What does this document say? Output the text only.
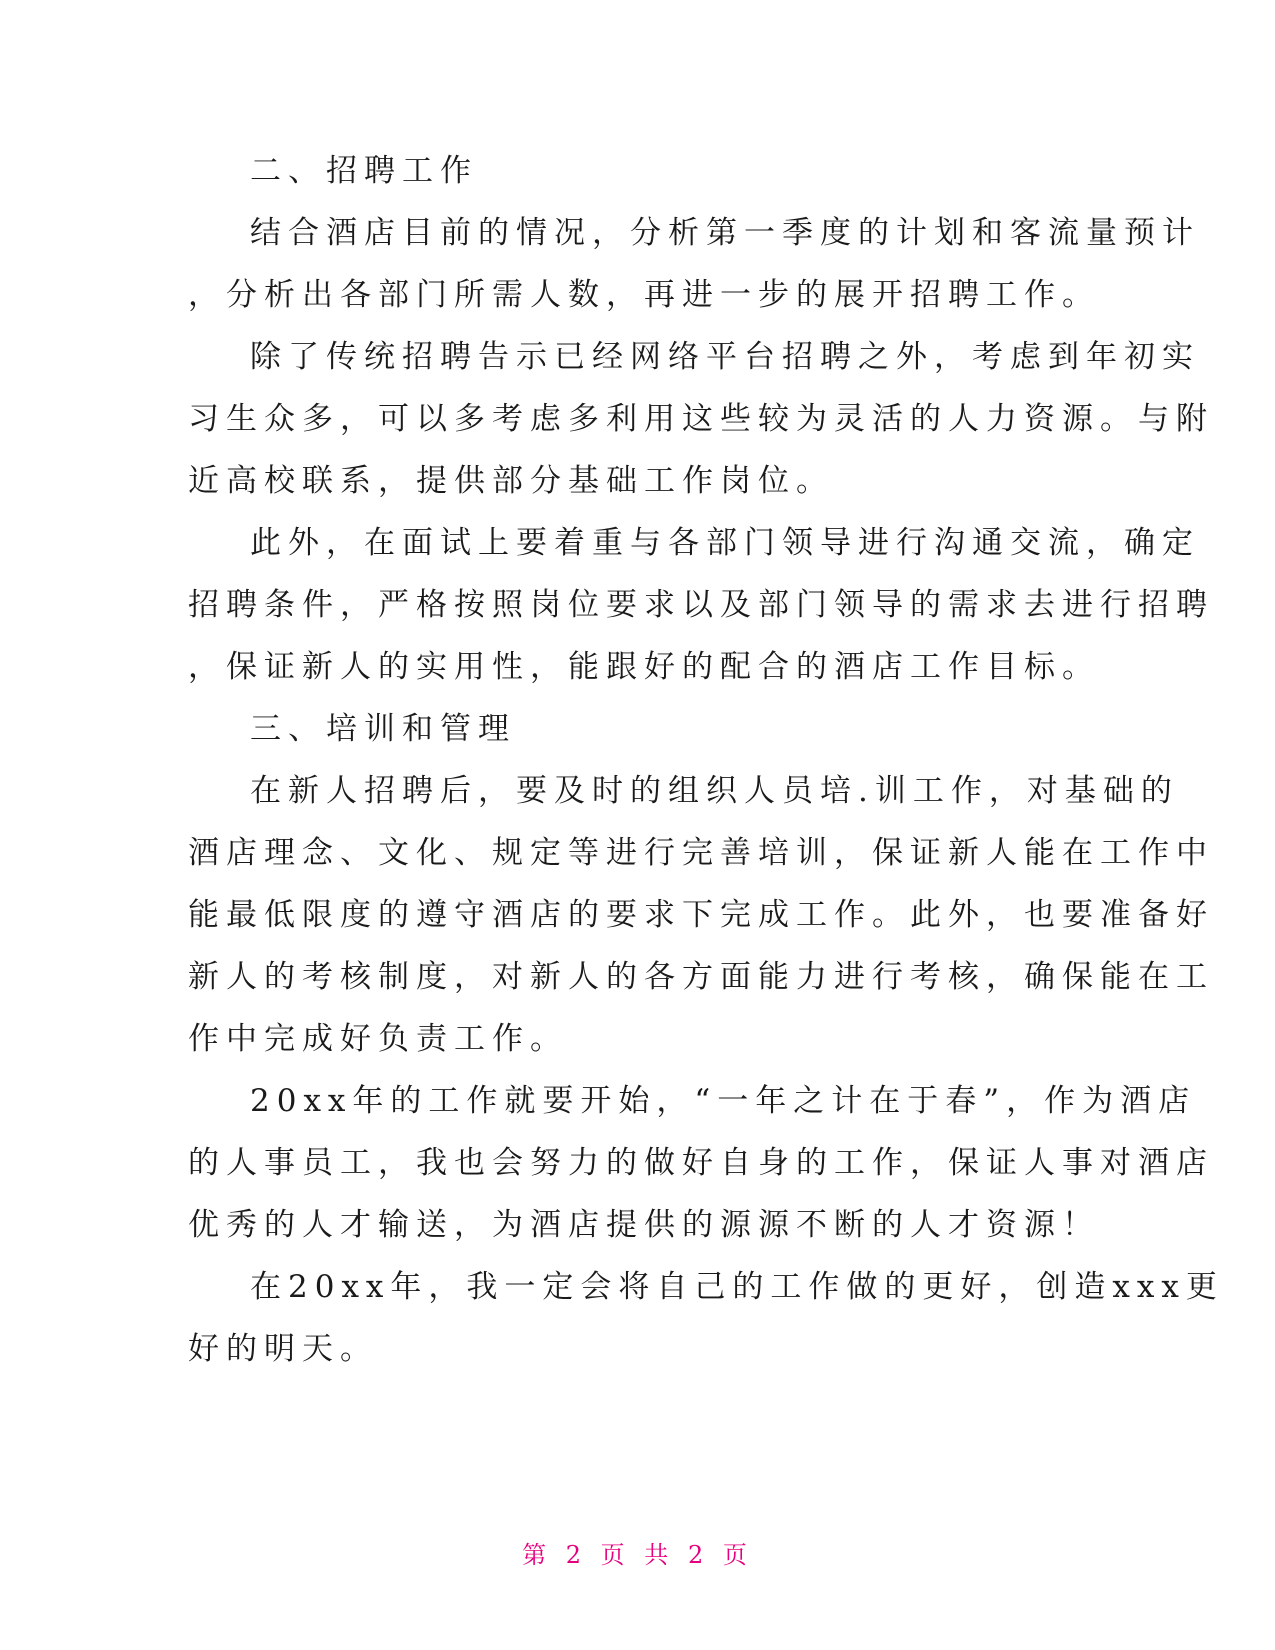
二、招聘工作
结合酒店目前的情况，分析第一季度的计划和客流量预计
，分析出各部门所需人数，再进一步的展开招聘工作。
除了传统招聘告示已经网络平台招聘之外，考虑到年初实
习生众多，可以多考虑多利用这些较为灵活的人力资源。与附
近高校联系，提供部分基础工作岗位。
此外，在面试上要着重与各部门领导进行沟通交流，确定
招聘条件，严格按照岗位要求以及部门领导的需求去进行招聘
，保证新人的实用性，能跟好的配合的酒店工作目标。
三、培训和管理
在新人招聘后，要及时的组织人员培.训工作，对基础的
酒店理念、文化、规定等进行完善培训，保证新人能在工作中
能最低限度的遵守酒店的要求下完成工作。此外，也要准备好
新人的考核制度，对新人的各方面能力进行考核，确保能在工
作中完成好负责工作。
20xx年的工作就要开始，“一年之计在于春”，作为酒店
的人事员工，我也会努力的做好自身的工作，保证人事对酒店
优秀的人才输送，为酒店提供的源源不断的人才资源！
在20xx年，我一定会将自己的工作做的更好，创造xxx更
好的明天。
第 2 页 共 2 页
